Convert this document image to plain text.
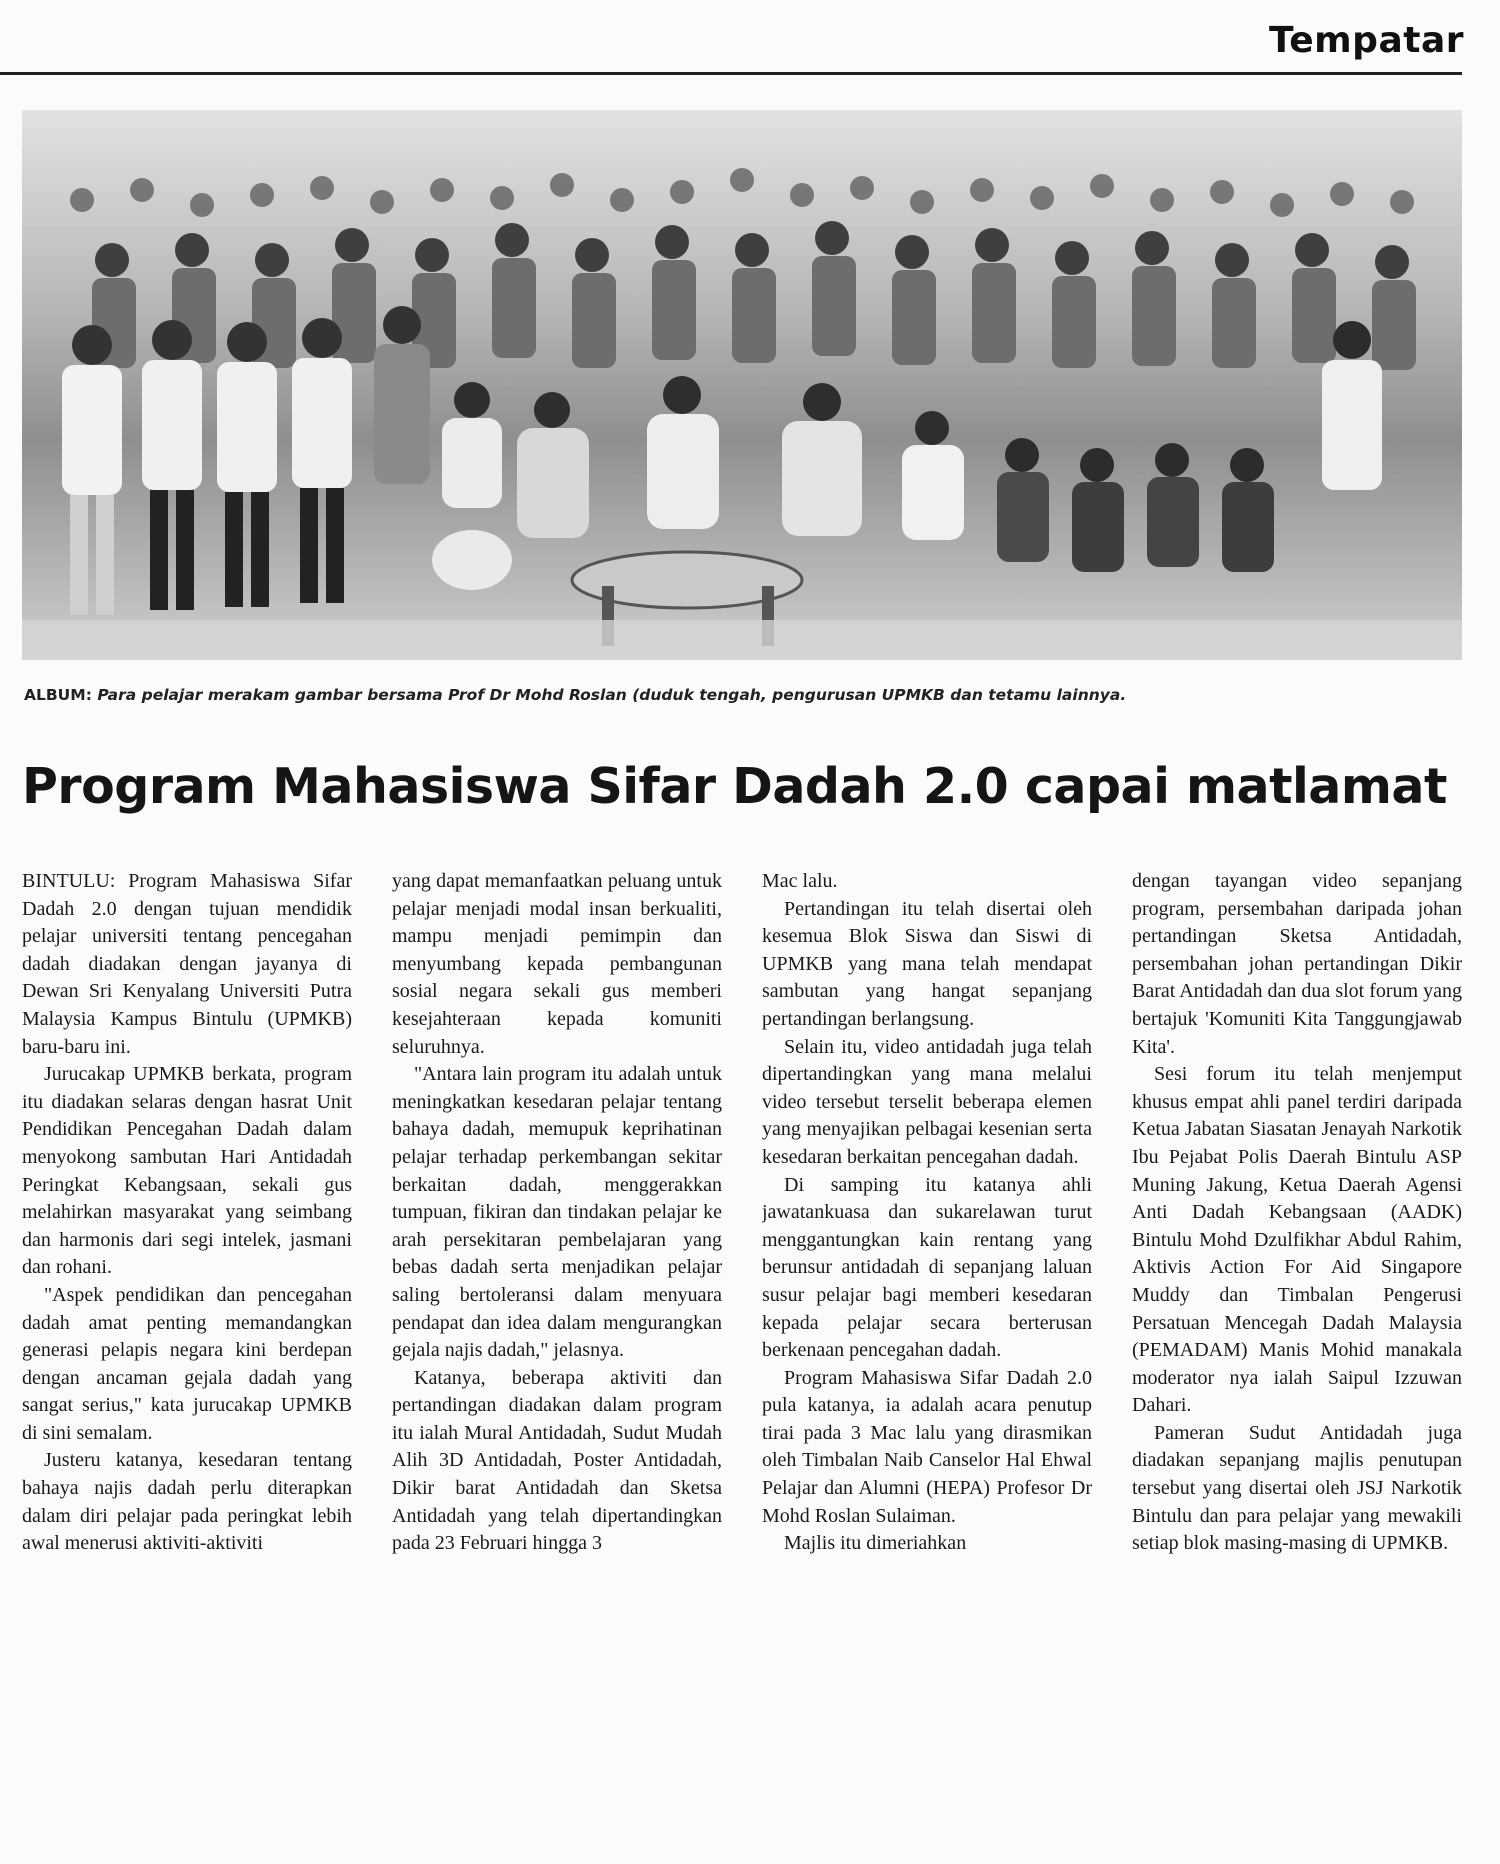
Tempatar
ALBUM: Para pelajar merakam gambar bersama Prof Dr Mohd Roslan (duduk tengah, pengurusan UPMKB dan tetamu lainnya.
Program Mahasiswa Sifar Dadah 2.0 capai matlamat

BINTULU: Program Mahasiswa Sifar Dadah 2.0 dengan tujuan mendidik pelajar universiti tentang pencegahan dadah diadakan dengan jayanya di Dewan Sri Kenyalang Universiti Putra Malaysia Kampus Bintulu (UPMKB) baru-baru ini.

Jurucakap UPMKB berkata, program itu diadakan selaras dengan hasrat Unit Pendidikan Pencegahan Dadah dalam menyokong sambutan Hari Antidadah Peringkat Kebangsaan, sekali gus melahirkan masyarakat yang seimbang dan harmonis dari segi intelek, jasmani dan rohani.

"Aspek pendidikan dan pencegahan dadah amat penting memandangkan generasi pelapis negara kini berdepan dengan ancaman gejala dadah yang sangat serius," kata jurucakap UPMKB di sini semalam.

Justeru katanya, kesedaran tentang bahaya najis dadah perlu diterapkan dalam diri pelajar pada peringkat lebih awal menerusi aktiviti-aktiviti

yang dapat memanfaatkan peluang untuk pelajar menjadi modal insan berkualiti, mampu menjadi pemimpin dan menyumbang kepada pembangunan sosial negara sekali gus memberi kesejahteraan kepada komuniti seluruhnya.

"Antara lain program itu adalah untuk meningkatkan kesedaran pelajar tentang bahaya dadah, memupuk keprihatinan pelajar terhadap perkembangan sekitar berkaitan dadah, menggerakkan tumpuan, fikiran dan tindakan pelajar ke arah persekitaran pembelajaran yang bebas dadah serta menjadikan pelajar saling bertoleransi dalam menyuara pendapat dan idea dalam mengurangkan gejala najis dadah," jelasnya.

Katanya, beberapa aktiviti dan pertandingan diadakan dalam program itu ialah Mural Antidadah, Sudut Mudah Alih 3D Antidadah, Poster Antidadah, Dikir barat Antidadah dan Sketsa Antidadah yang telah dipertandingkan pada 23 Februari hingga 3

Mac lalu.

Pertandingan itu telah disertai oleh kesemua Blok Siswa dan Siswi di UPMKB yang mana telah mendapat sambutan yang hangat sepanjang pertandingan berlangsung.

Selain itu, video antidadah juga telah dipertandingkan yang mana melalui video tersebut terselit beberapa elemen yang menyajikan pelbagai kesenian serta kesedaran berkaitan pencegahan dadah.

Di samping itu katanya ahli jawatankuasa dan sukarelawan turut menggantungkan kain rentang yang berunsur antidadah di sepanjang laluan susur pelajar bagi memberi kesedaran kepada pelajar secara berterusan berkenaan pencegahan dadah.

Program Mahasiswa Sifar Dadah 2.0 pula katanya, ia adalah acara penutup tirai pada 3 Mac lalu yang dirasmikan oleh Timbalan Naib Canselor Hal Ehwal Pelajar dan Alumni (HEPA) Profesor Dr Mohd Roslan Sulaiman.

Majlis itu dimeriahkan

dengan tayangan video sepanjang program, persembahan daripada johan pertandingan Sketsa Antidadah, persembahan johan pertandingan Dikir Barat Antidadah dan dua slot forum yang bertajuk 'Komuniti Kita Tanggungjawab Kita'.

Sesi forum itu telah menjemput khusus empat ahli panel terdiri daripada Ketua Jabatan Siasatan Jenayah Narkotik Ibu Pejabat Polis Daerah Bintulu ASP Muning Jakung, Ketua Daerah Agensi Anti Dadah Kebangsaan (AADK) Bintulu Mohd Dzulfikhar Abdul Rahim, Aktivis Action For Aid Singapore Muddy dan Timbalan Pengerusi Persatuan Mencegah Dadah Malaysia (PEMADAM) Manis Mohid manakala moderator nya ialah Saipul Izzuwan Dahari.

Pameran Sudut Antidadah juga diadakan sepanjang majlis penutupan tersebut yang disertai oleh JSJ Narkotik Bintulu dan para pelajar yang mewakili setiap blok masing-masing di UPMKB.
